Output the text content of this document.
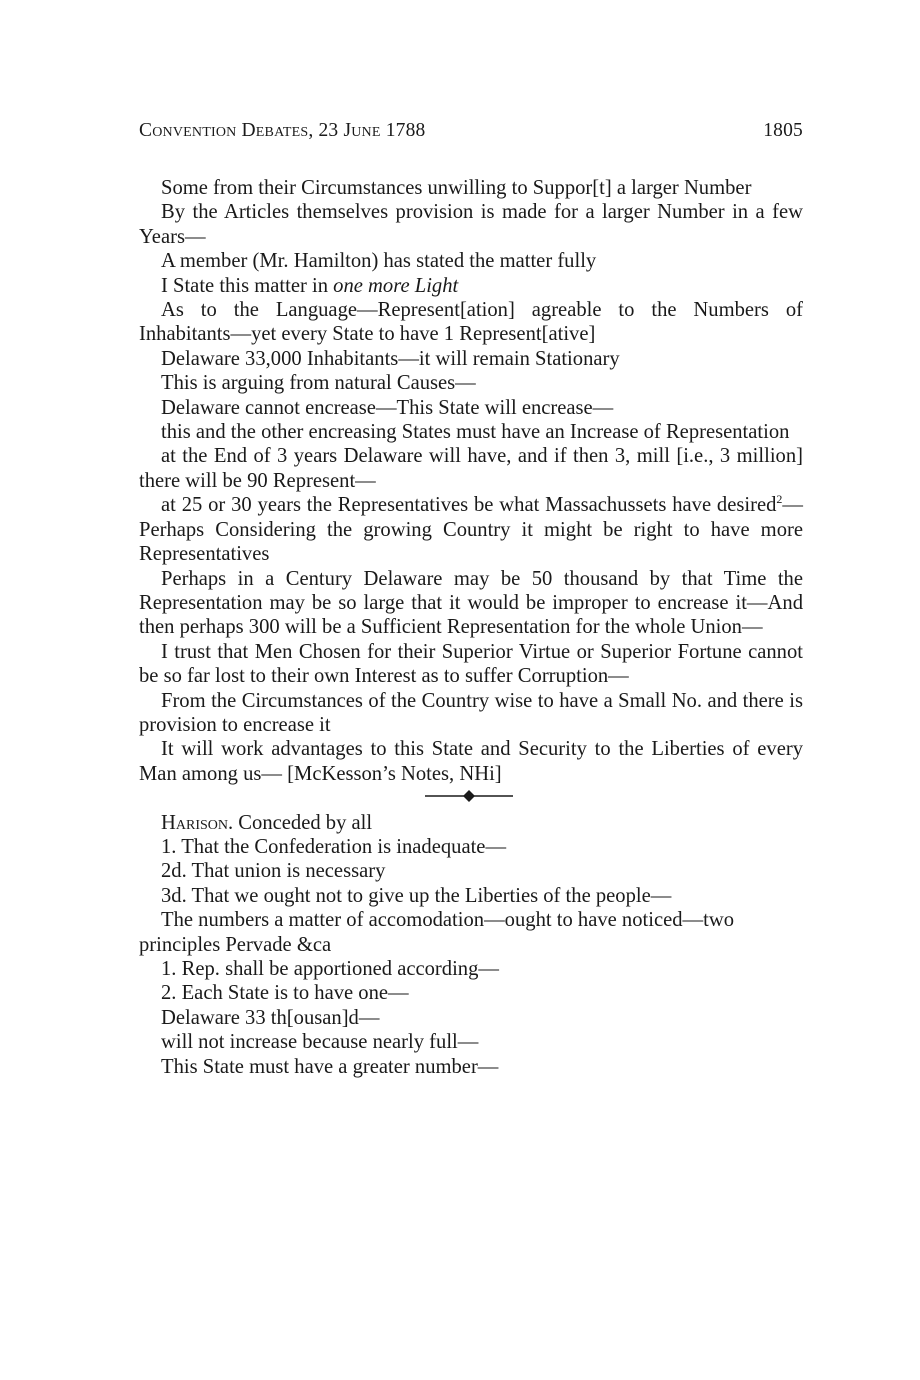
Convention Debates, 23 June 1788	1805

Some from their Circumstances unwilling to Suppor[t] a larger Number

By the Articles themselves provision is made for a larger Number in a few Years—

A member (Mr. Hamilton) has stated the matter fully

I State this matter in one more Light

As to the Language—Represent[ation] agreable to the Numbers of Inhabitants—yet every State to have 1 Represent[ative]

Delaware 33,000 Inhabitants—it will remain Stationary

This is arguing from natural Causes—

Delaware cannot encrease—This State will encrease—

this and the other encreasing States must have an Increase of Representation

at the End of 3 years Delaware will have, and if then 3, mill [i.e., 3 million] there will be 90 Represent—

at 25 or 30 years the Representatives be what Massachussets have desired$^2$—Perhaps Considering the growing Country it might be right to have more Representatives

Perhaps in a Century Delaware may be 50 thousand by that Time the Representation may be so large that it would be improper to encrease it—And then perhaps 300 will be a Sufficient Representation for the whole Union—

I trust that Men Chosen for their Superior Virtue or Superior Fortune cannot be so far lost to their own Interest as to suffer Corruption—

From the Circumstances of the Country wise to have a Small No. and there is provision to encrease it

It will work advantages to this State and Security to the Liberties of every Man among us— [McKesson’s Notes, NHi]

Harison. Conceded by all

1. That the Confederation is inadequate—

2d. That union is necessary

3d. That we ought not to give up the Liberties of the people—

The numbers a matter of accomodation—ought to have noticed—two principles Pervade &ca

1. Rep. shall be apportioned according—

2. Each State is to have one—

Delaware 33 th[ousan]d—

will not increase because nearly full—

This State must have a greater number—
